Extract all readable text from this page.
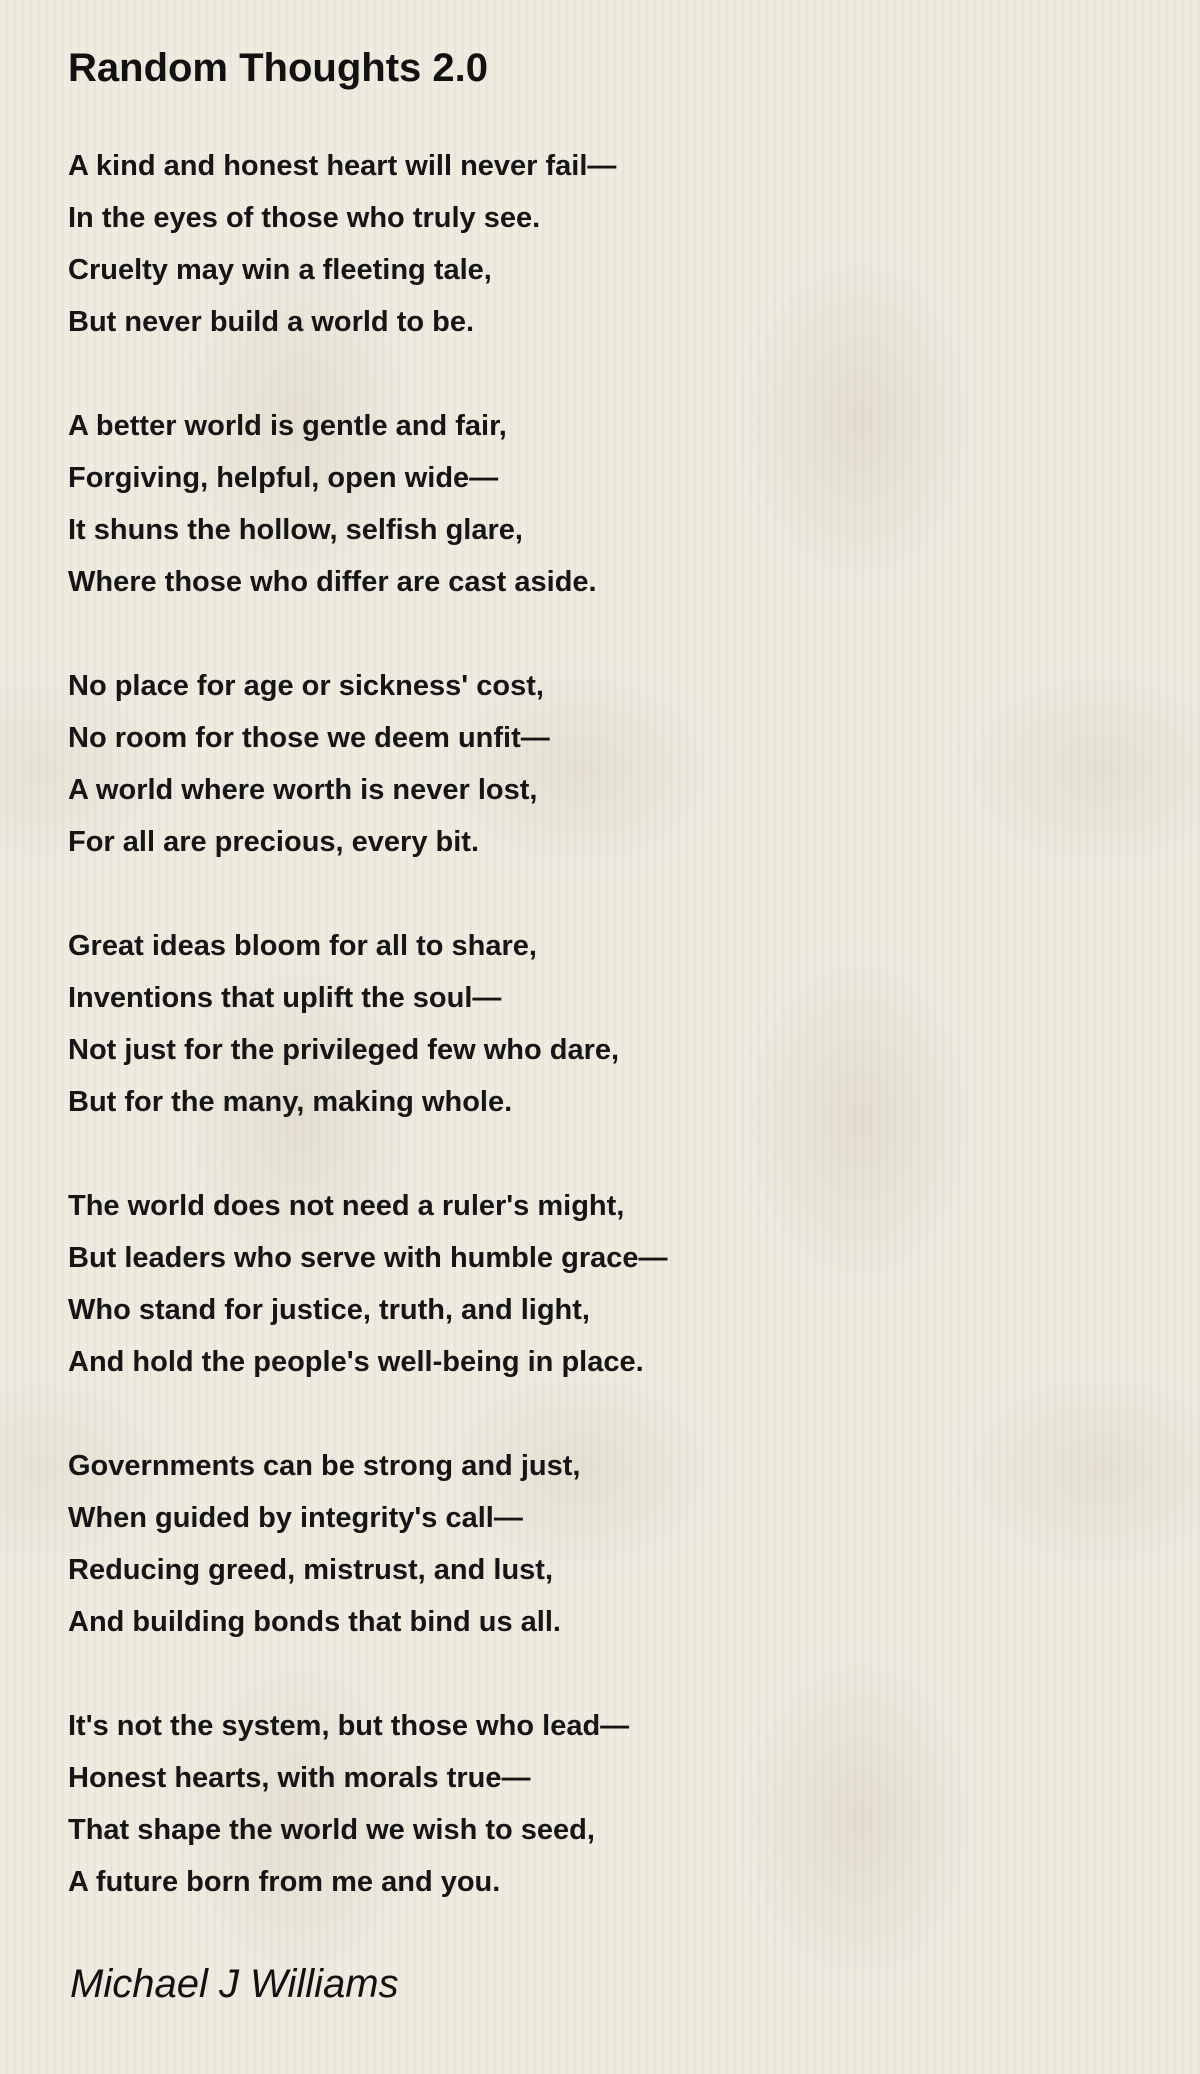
Random Thoughts 2.0
A kind and honest heart will never fail—
In the eyes of those who truly see.
Cruelty may win a fleeting tale,
But never build a world to be.
A better world is gentle and fair,
Forgiving, helpful, open wide—
It shuns the hollow, selfish glare,
Where those who differ are cast aside.
No place for age or sickness' cost,
No room for those we deem unfit—
A world where worth is never lost,
For all are precious, every bit.
Great ideas bloom for all to share,
Inventions that uplift the soul—
Not just for the privileged few who dare,
But for the many, making whole.
The world does not need a ruler's might,
But leaders who serve with humble grace—
Who stand for justice, truth, and light,
And hold the people's well-being in place.
Governments can be strong and just,
When guided by integrity's call—
Reducing greed, mistrust, and lust,
And building bonds that bind us all.
It's not the system, but those who lead—
Honest hearts, with morals true—
That shape the world we wish to seed,
A future born from me and you.
Michael J Williams
